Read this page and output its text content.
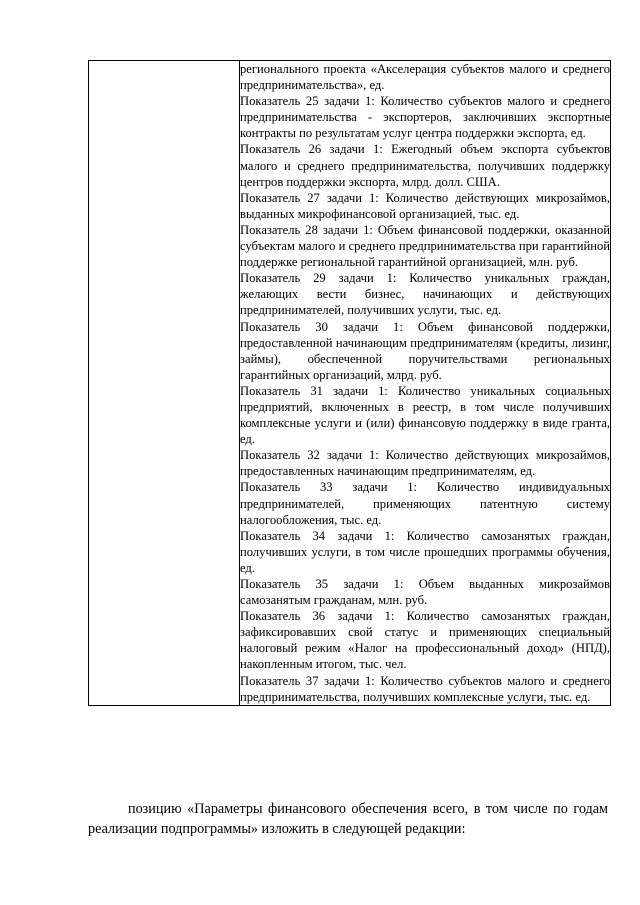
регионального проекта «Акселерация субъектов малого и среднего предпринимательства», ед.

Показатель 25 задачи 1: Количество субъектов малого и среднего предпринимательства - экспортеров, заключивших экспортные контракты по результатам услуг центра поддержки экспорта, ед.

Показатель 26 задачи 1: Ежегодный объем экспорта субъектов малого и среднего предпринимательства, получивших поддержку центров поддержки экспорта, млрд. долл. США.

Показатель 27 задачи 1: Количество действующих микрозаймов, выданных микрофинансовой организацией, тыс. ед.

Показатель 28 задачи 1: Объем финансовой поддержки, оказанной субъектам малого и среднего предпринимательства при гарантийной поддержке региональной гарантийной организацией, млн. руб.

Показатель 29 задачи 1: Количество уникальных граждан, желающих вести бизнес, начинающих и действующих предпринимателей, получивших услуги, тыс. ед.

Показатель 30 задачи 1: Объем финансовой поддержки, предоставленной начинающим предпринимателям (кредиты, лизинг, займы), обеспеченной поручительствами региональных гарантийных организаций, млрд. руб.

Показатель 31 задачи 1: Количество уникальных социальных предприятий, включенных в реестр, в том числе получивших комплексные услуги и (или) финансовую поддержку в виде гранта, ед.

Показатель 32 задачи 1: Количество действующих микрозаймов, предоставленных начинающим предпринимателям, ед.

Показатель 33 задачи 1: Количество индивидуальных предпринимателей, применяющих патентную систему налогообложения, тыс. ед.

Показатель 34 задачи 1: Количество самозанятых граждан, получивших услуги, в том числе прошедших программы обучения, ед.

Показатель 35 задачи 1: Объем выданных микрозаймов самозанятым гражданам, млн. руб.

Показатель 36 задачи 1: Количество самозанятых граждан, зафиксировавших свой статус и применяющих специальный налоговый режим «Налог на профессиональный доход» (НПД), накопленным итогом, тыс. чел.

Показатель 37 задачи 1: Количество субъектов малого и среднего предпринимательства, получивших комплексные услуги, тыс. ед.

позицию «Параметры финансового обеспечения всего, в том числе по годам реализации подпрограммы» изложить в следующей редакции:
